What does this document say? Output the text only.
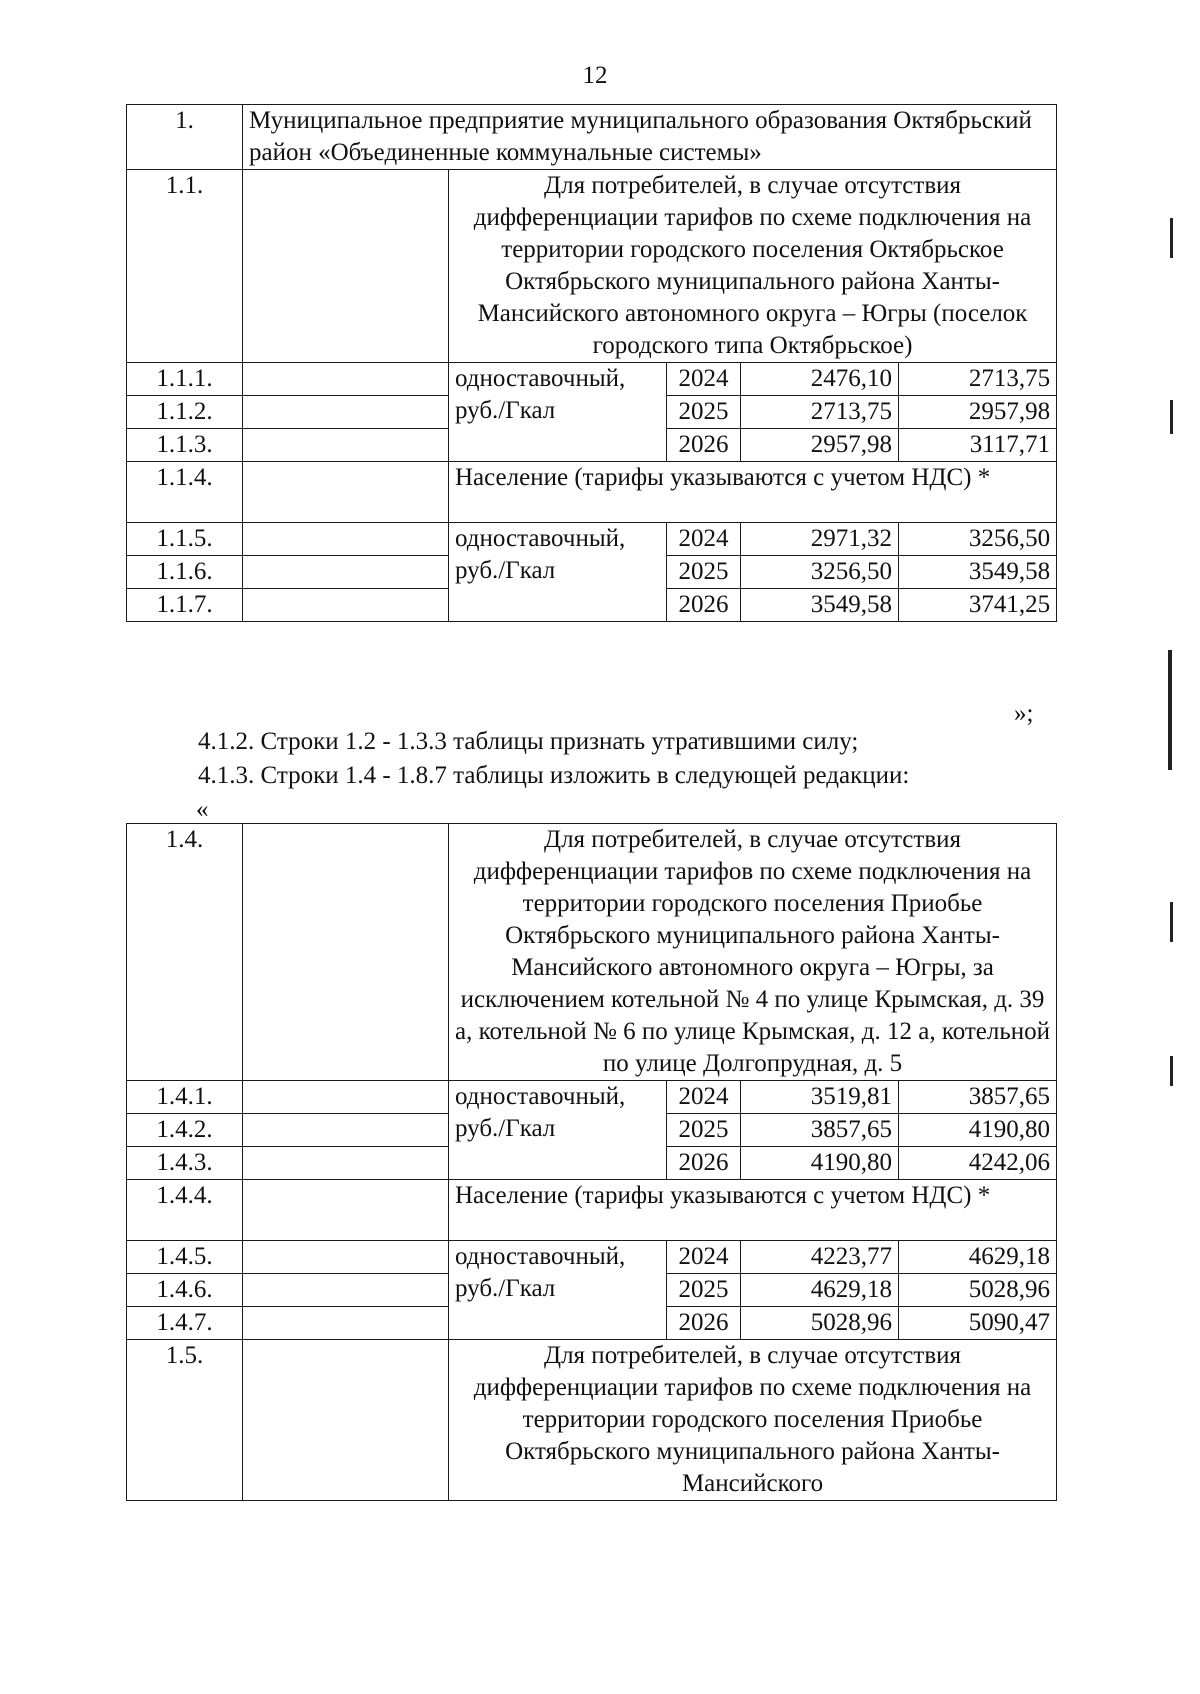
12
1.	Муниципальное предприятие муниципального образования Октябрьский район «Объединенные коммунальные системы»				
1.1.		Для потребителей, в случае отсутствия дифференциации тарифов по схеме подключения на территории городского поселения Октябрьское Октябрьского муниципального района Ханты-Мансийского автономного округа – Югры (поселок городского типа Октябрьское)			
1.1.1.		одноставочный, руб./Гкал	2024	2476,10	2713,75
1.1.2.			2025	2713,75	2957,98
1.1.3.			2026	2957,98	3117,71
1.1.4.		Население (тарифы указываются с учетом НДС) *			
1.1.5.		одноставочный, руб./Гкал	2024	2971,32	3256,50
1.1.6.			2025	3256,50	3549,58
1.1.7.			2026	3549,58	3741,25
»;
4.1.2. Строки 1.2 - 1.3.3 таблицы признать утратившими силу;
4.1.3. Строки 1.4 - 1.8.7 таблицы изложить в следующей редакции:
«
1.4.		Для потребителей, в случае отсутствия дифференциации тарифов по схеме подключения на территории городского поселения Приобье Октябрьского муниципального района Ханты-Мансийского автономного округа – Югры, за исключением котельной № 4 по улице Крымская, д. 39 а, котельной № 6 по улице Крымская, д. 12 а, котельной по улице Долгопрудная, д. 5			
1.4.1.		одноставочный, руб./Гкал	2024	3519,81	3857,65
1.4.2.			2025	3857,65	4190,80
1.4.3.			2026	4190,80	4242,06
1.4.4.		Население (тарифы указываются с учетом НДС) *			
1.4.5.		одноставочный, руб./Гкал	2024	4223,77	4629,18
1.4.6.			2025	4629,18	5028,96
1.4.7.			2026	5028,96	5090,47
1.5.		Для потребителей, в случае отсутствия дифференциации тарифов по схеме подключения на территории городского поселения Приобье Октябрьского муниципального района Ханты-Мансийского			
